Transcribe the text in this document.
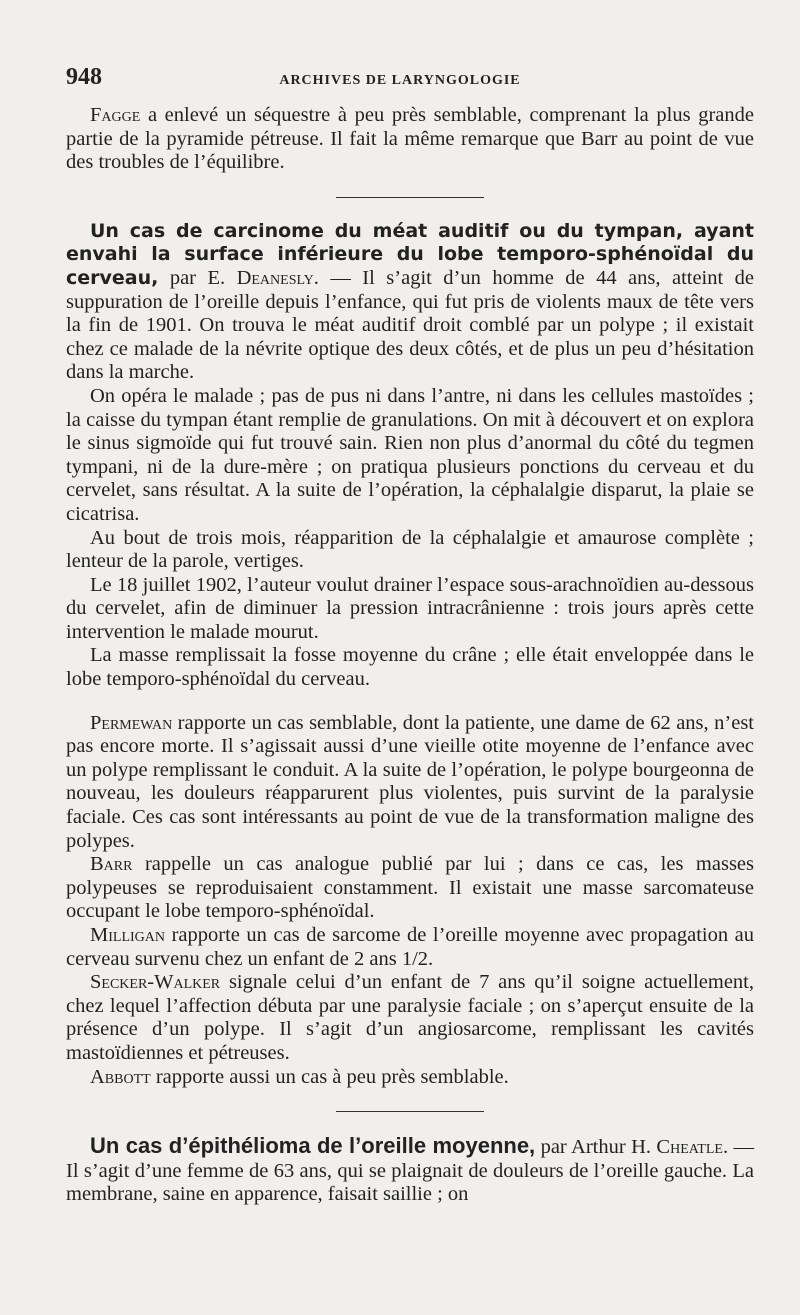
948	ARCHIVES DE LARYNGOLOGIE

Fagge a enlevé un séquestre à peu près semblable, comprenant la plus grande partie de la pyramide pétreuse. Il fait la même remarque que Barr au point de vue des troubles de l’équilibre.

Un cas de carcinome du méat auditif ou du tympan, ayant envahi la surface inférieure du lobe temporo-sphénoïdal du cerveau, par E. Deanesly. — Il s’agit d’un homme de 44 ans, atteint de suppuration de l’oreille depuis l’enfance, qui fut pris de violents maux de tête vers la fin de 1901. On trouva le méat auditif droit comblé par un polype ; il existait chez ce malade de la névrite optique des deux côtés, et de plus un peu d’hésitation dans la marche.

On opéra le malade ; pas de pus ni dans l’antre, ni dans les cellules mastoïdes ; la caisse du tympan étant remplie de granulations. On mit à découvert et on explora le sinus sigmoïde qui fut trouvé sain. Rien non plus d’anormal du côté du tegmen tympani, ni de la dure-mère ; on pratiqua plusieurs ponctions du cerveau et du cervelet, sans résultat. A la suite de l’opération, la céphalalgie disparut, la plaie se cicatrisa.

Au bout de trois mois, réapparition de la céphalalgie et amaurose complète ; lenteur de la parole, vertiges.

Le 18 juillet 1902, l’auteur voulut drainer l’espace sous-arachnoïdien au-dessous du cervelet, afin de diminuer la pression intracrânienne : trois jours après cette intervention le malade mourut.

La masse remplissait la fosse moyenne du crâne ; elle était enveloppée dans le lobe temporo-sphénoïdal du cerveau.

Permewan rapporte un cas semblable, dont la patiente, une dame de 62 ans, n’est pas encore morte. Il s’agissait aussi d’une vieille otite moyenne de l’enfance avec un polype remplissant le conduit. A la suite de l’opération, le polype bourgeonna de nouveau, les douleurs réapparurent plus violentes, puis survint de la paralysie faciale. Ces cas sont intéressants au point de vue de la transformation maligne des polypes.

Barr rappelle un cas analogue publié par lui ; dans ce cas, les masses polypeuses se reproduisaient constamment. Il existait une masse sarcomateuse occupant le lobe temporo-sphénoïdal.

Milligan rapporte un cas de sarcome de l’oreille moyenne avec propagation au cerveau survenu chez un enfant de 2 ans 1/2.

Secker-Walker signale celui d’un enfant de 7 ans qu’il soigne actuellement, chez lequel l’affection débuta par une paralysie faciale ; on s’aperçut ensuite de la présence d’un polype. Il s’agit d’un angiosarcome, remplissant les cavités mastoïdiennes et pétreuses.

Abbott rapporte aussi un cas à peu près semblable.

Un cas d’épithélioma de l’oreille moyenne, par Arthur H. Cheatle. — Il s’agit d’une femme de 63 ans, qui se plaignait de douleurs de l’oreille gauche. La membrane, saine en apparence, faisait saillie ; on
